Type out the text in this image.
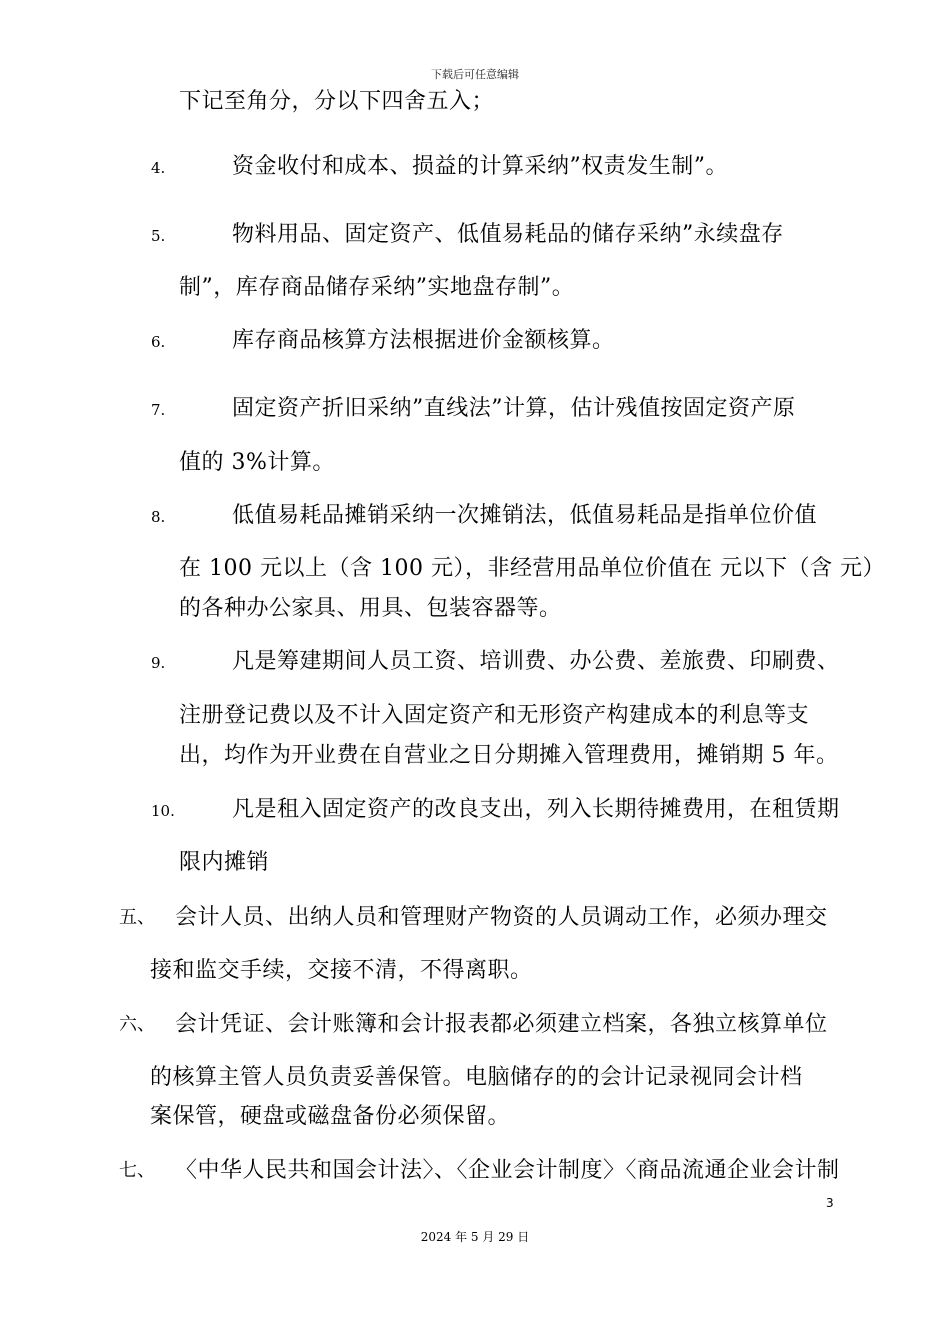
下载后可任意编辑
下记至角分，分以下四舍五入；
4.	资金收付和成本、损益的计算采纳”权责发生制”。
5.	物料用品、固定资产、低值易耗品的储存采纳”永续盘存
制”，库存商品储存采纳”实地盘存制”。
6.	库存商品核算方法根据进价金额核算。
7.	固定资产折旧采纳”直线法”计算，估计残值按固定资产原
值的 3%计算。
8.	低值易耗品摊销采纳一次摊销法，低值易耗品是指单位价值
在 100 元以上（含 100 元），非经营用品单位价值在 元以下（含 元）
的各种办公家具、用具、包装容器等。
9.	凡是筹建期间人员工资、培训费、办公费、差旅费、印刷费、
注册登记费以及不计入固定资产和无形资产构建成本的利息等支
出，均作为开业费在自营业之日分期摊入管理费用，摊销期 5 年。
10.	凡是租入固定资产的改良支出，列入长期待摊费用，在租赁期
限内摊销
五、 会计人员、出纳人员和管理财产物资的人员调动工作，必须办理交
接和监交手续，交接不清，不得离职。
六、 会计凭证、会计账簿和会计报表都必须建立档案，各独立核算单位
的核算主管人员负责妥善保管。电脑储存的的会计记录视同会计档
案保管，硬盘或磁盘备份必须保留。
七、 〈中华人民共和国会计法〉、〈企业会计制度〉〈商品流通企业会计制
3
2024 年 5 月 29 日
